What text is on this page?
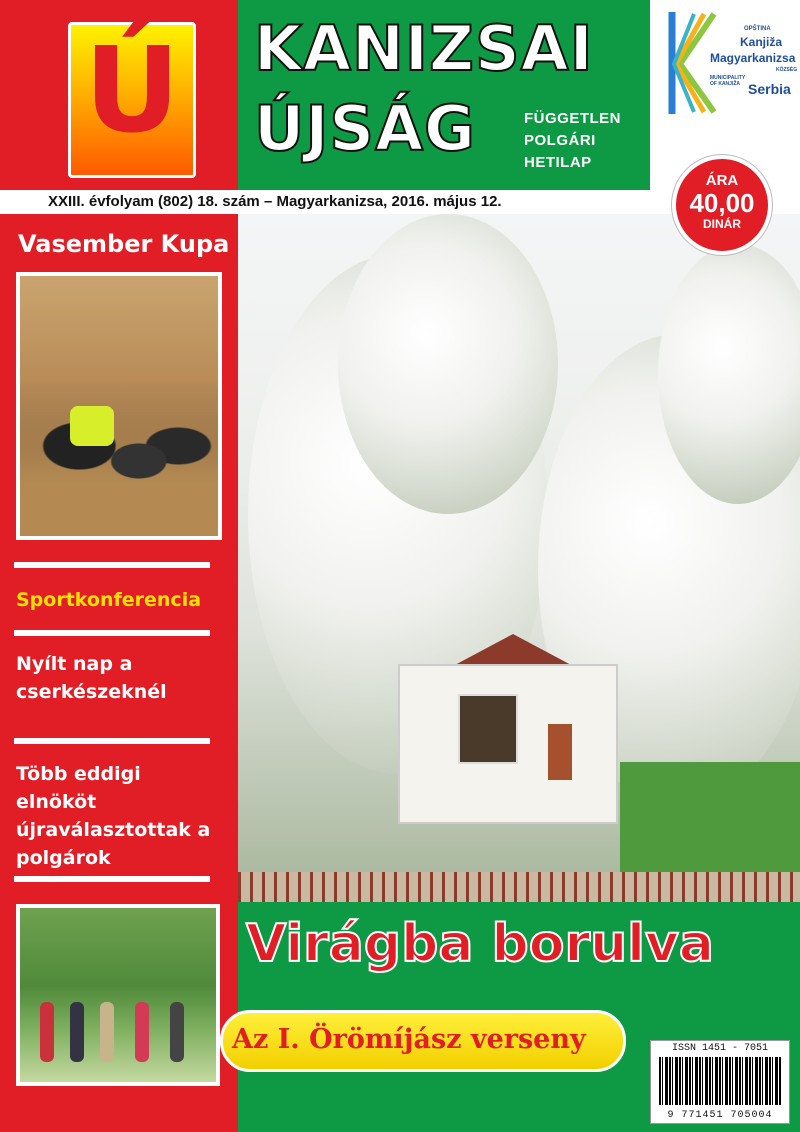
Ú KANIZSAI
ÚJSÁG	FÜGGETLEN
POLGÁRI
HETILAP
OPŠTINA
Kanjiža
Magyarkanizsa
KÖZSÉG
MUNICIPALITY OF KANJIŽA Serbia
XXIII. évfolyam (802) 18. szám – Magyarkanizsa, 2016. május 12.
ÁRA
40,00
DINÁR
Vasember Kupa
Sportkonferencia
Nyílt nap a cserkészeknél
Több eddigi elnököt újraválasztottak a polgárok
Virágba borulva
Az I. Örömíjász verseny	ISSN 1451 - 7051
9 771451 705004
